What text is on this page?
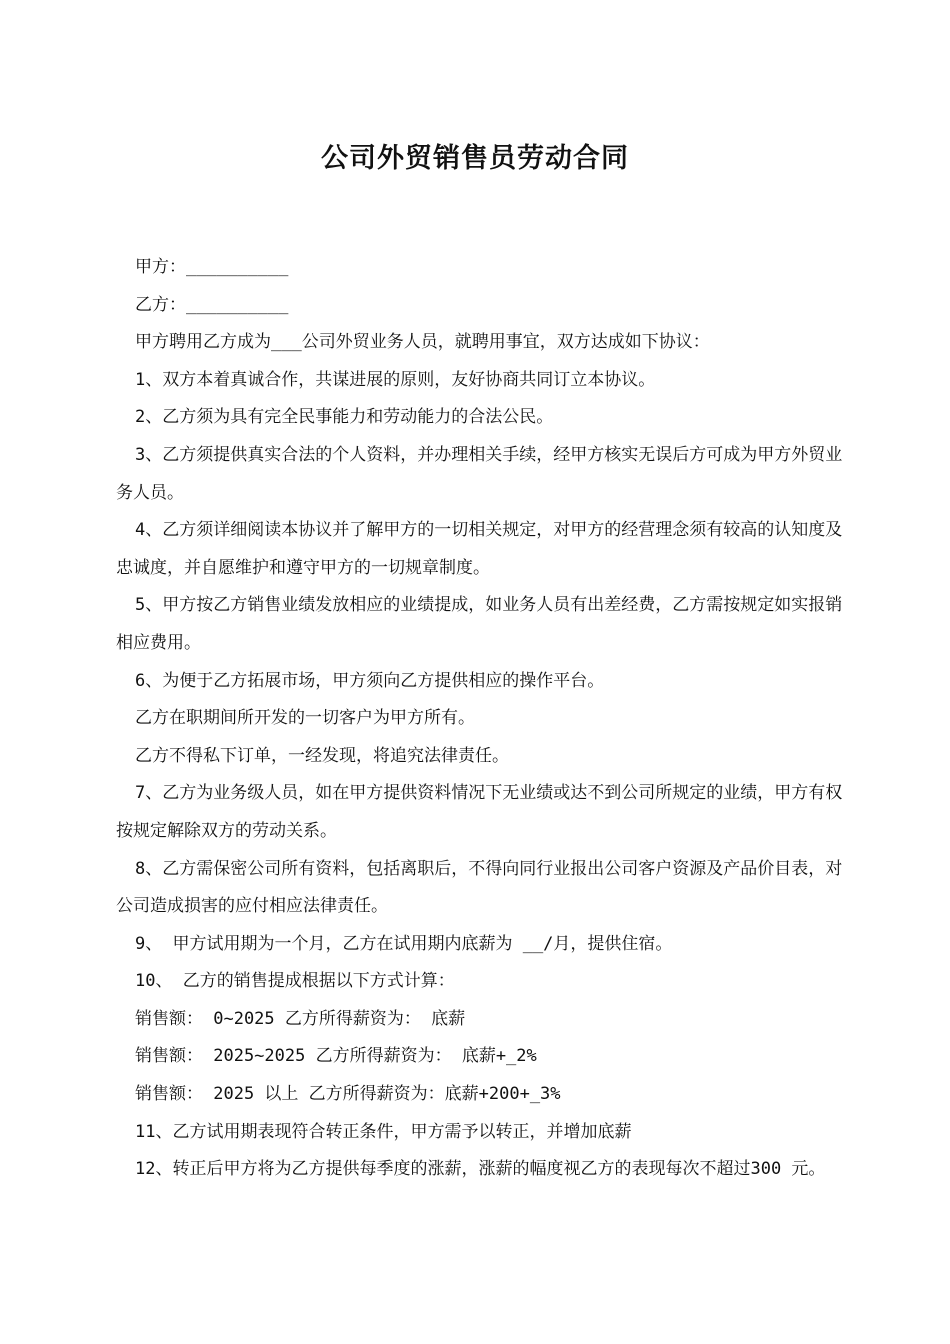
公司外贸销售员劳动合同

甲方：__________

乙方：__________

甲方聘用乙方成为___公司外贸业务人员，就聘用事宜，双方达成如下协议：

1、双方本着真诚合作，共谋进展的原则，友好协商共同订立本协议。

2、乙方须为具有完全民事能力和劳动能力的合法公民。

3、乙方须提供真实合法的个人资料，并办理相关手续，经甲方核实无误后方可成为甲方外贸业务人员。

4、乙方须详细阅读本协议并了解甲方的一切相关规定，对甲方的经营理念须有较高的认知度及忠诚度，并自愿维护和遵守甲方的一切规章制度。

5、甲方按乙方销售业绩发放相应的业绩提成，如业务人员有出差经费，乙方需按规定如实报销相应费用。

6、为便于乙方拓展市场，甲方须向乙方提供相应的操作平台。

乙方在职期间所开发的一切客户为甲方所有。

乙方不得私下订单，一经发现，将追究法律责任。

7、乙方为业务级人员，如在甲方提供资料情况下无业绩或达不到公司所规定的业绩，甲方有权按规定解除双方的劳动关系。

8、乙方需保密公司所有资料，包括离职后，不得向同行业报出公司客户资源及产品价目表，对公司造成损害的应付相应法律责任。

9、 甲方试用期为一个月，乙方在试用期内底薪为 __/月，提供住宿。

10、 乙方的销售提成根据以下方式计算：

销售额： 0~2025 乙方所得薪资为： 底薪

销售额： 2025~2025 乙方所得薪资为： 底薪+_2%

销售额： 2025 以上 乙方所得薪资为：底薪+200+_3%

11、乙方试用期表现符合转正条件，甲方需予以转正，并增加底薪

12、转正后甲方将为乙方提供每季度的涨薪，涨薪的幅度视乙方的表现每次不超过300 元。
